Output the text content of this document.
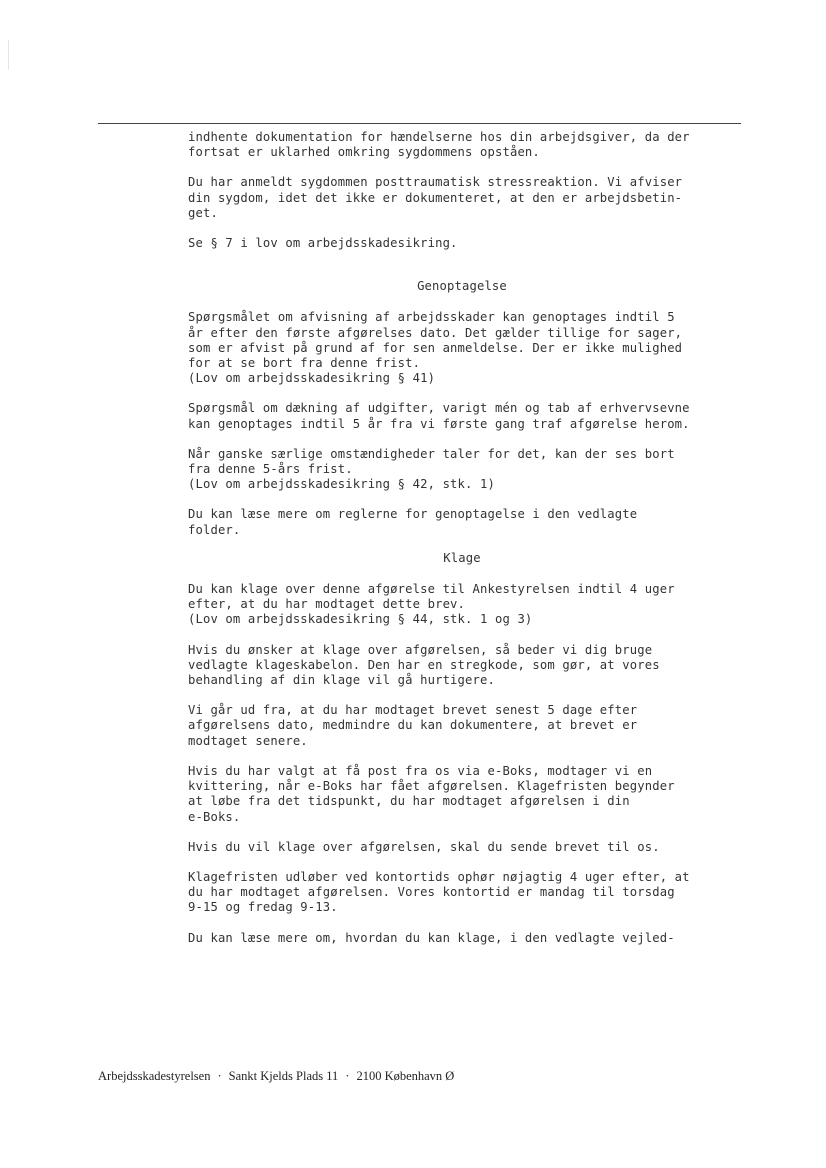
indhente dokumentation for hændelserne hos din arbejdsgiver, da der
fortsat er uklarhed omkring sygdommens opståen.

Du har anmeldt sygdommen posttraumatisk stressreaktion. Vi afviser
din sygdom, idet det ikke er dokumenteret, at den er arbejdsbetin-
get.

Se § 7 i lov om arbejdsskadesikring.

Genoptagelse

Spørgsmålet om afvisning af arbejdsskader kan genoptages indtil 5
år efter den første afgørelses dato. Det gælder tillige for sager,
som er afvist på grund af for sen anmeldelse. Der er ikke mulighed
for at se bort fra denne frist.
(Lov om arbejdsskadesikring § 41)

Spørgsmål om dækning af udgifter, varigt mén og tab af erhvervsevne
kan genoptages indtil 5 år fra vi første gang traf afgørelse herom.

Når ganske særlige omstændigheder taler for det, kan der ses bort
fra denne 5-års frist.
(Lov om arbejdsskadesikring § 42, stk. 1)

Du kan læse mere om reglerne for genoptagelse i den vedlagte
folder.

Klage

Du kan klage over denne afgørelse til Ankestyrelsen indtil 4 uger
efter, at du har modtaget dette brev.
(Lov om arbejdsskadesikring § 44, stk. 1 og 3)

Hvis du ønsker at klage over afgørelsen, så beder vi dig bruge
vedlagte klageskabelon. Den har en stregkode, som gør, at vores
behandling af din klage vil gå hurtigere.

Vi går ud fra, at du har modtaget brevet senest 5 dage efter
afgørelsens dato, medmindre du kan dokumentere, at brevet er
modtaget senere.

Hvis du har valgt at få post fra os via e-Boks, modtager vi en
kvittering, når e-Boks har fået afgørelsen. Klagefristen begynder
at løbe fra det tidspunkt, du har modtaget afgørelsen i din
e-Boks.

Hvis du vil klage over afgørelsen, skal du sende brevet til os.

Klagefristen udløber ved kontortids ophør nøjagtig 4 uger efter, at
du har modtaget afgørelsen. Vores kontortid er mandag til torsdag
9-15 og fredag 9-13.

Du kan læse mere om, hvordan du kan klage, i den vedlagte vejled-

Arbejdsskadestyrelsen · Sankt Kjelds Plads 11 · 2100 København Ø
